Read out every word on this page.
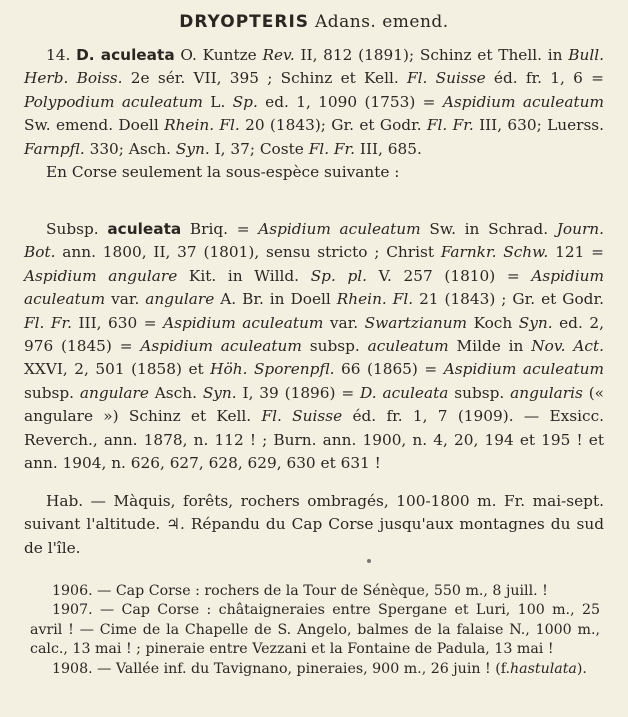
DRYOPTERIS Adans. emend.

14. D. aculeata O. Kuntze Rev. II, 812 (1891); Schinz et Thell. in Bull. Herb. Boiss. 2e sér. VII, 395 ; Schinz et Kell. Fl. Suisse éd. fr. 1, 6 = Polypodium aculeatum L. Sp. ed. 1, 1090 (1753) = Aspidium aculeatum Sw. emend. Doell Rhein. Fl. 20 (1843); Gr. et Godr. Fl. Fr. III, 630; Luerss. Farnpfl. 330; Asch. Syn. I, 37; Coste Fl. Fr. III, 685.

En Corse seulement la sous-espèce suivante :

Subsp. aculeata Briq. = Aspidium aculeatum Sw. in Schrad. Journ. Bot. ann. 1800, II, 37 (1801), sensu stricto ; Christ Farnkr. Schw. 121 = Aspidium angulare Kit. in Willd. Sp. pl. V. 257 (1810) = Aspidium aculeatum var. angulare A. Br. in Doell Rhein. Fl. 21 (1843) ; Gr. et Godr. Fl. Fr. III, 630 = Aspidium aculeatum var. Swartzianum Koch Syn. ed. 2, 976 (1845) = Aspidium aculeatum subsp. aculeatum Milde in Nov. Act. XXVI, 2, 501 (1858) et Höh. Sporenpfl. 66 (1865) = Aspidium aculeatum subsp. angulare Asch. Syn. I, 39 (1896) = D. aculeata subsp. angularis (« angulare ») Schinz et Kell. Fl. Suisse éd. fr. 1, 7 (1909). — Exsicc. Reverch., ann. 1878, n. 112 ! ; Burn. ann. 1900, n. 4, 20, 194 et 195 ! et ann. 1904, n. 626, 627, 628, 629, 630 et 631 !

Hab. — Màquis, forêts, rochers ombragés, 100-1800 m. Fr. mai-sept. suivant l'altitude. ♃. Répandu du Cap Corse jusqu'aux montagnes du sud de l'île.

1906. — Cap Corse : rochers de la Tour de Sénèque, 550 m., 8 juill. !

1907. — Cap Corse : châtaigneraies entre Spergane et Luri, 100 m., 25 avril ! — Cime de la Chapelle de S. Angelo, balmes de la falaise N., 1000 m., calc., 13 mai ! ; pineraie entre Vezzani et la Fontaine de Padula, 13 mai !

1908. — Vallée inf. du Tavignano, pineraies, 900 m., 26 juin ! (f.hastulata).
